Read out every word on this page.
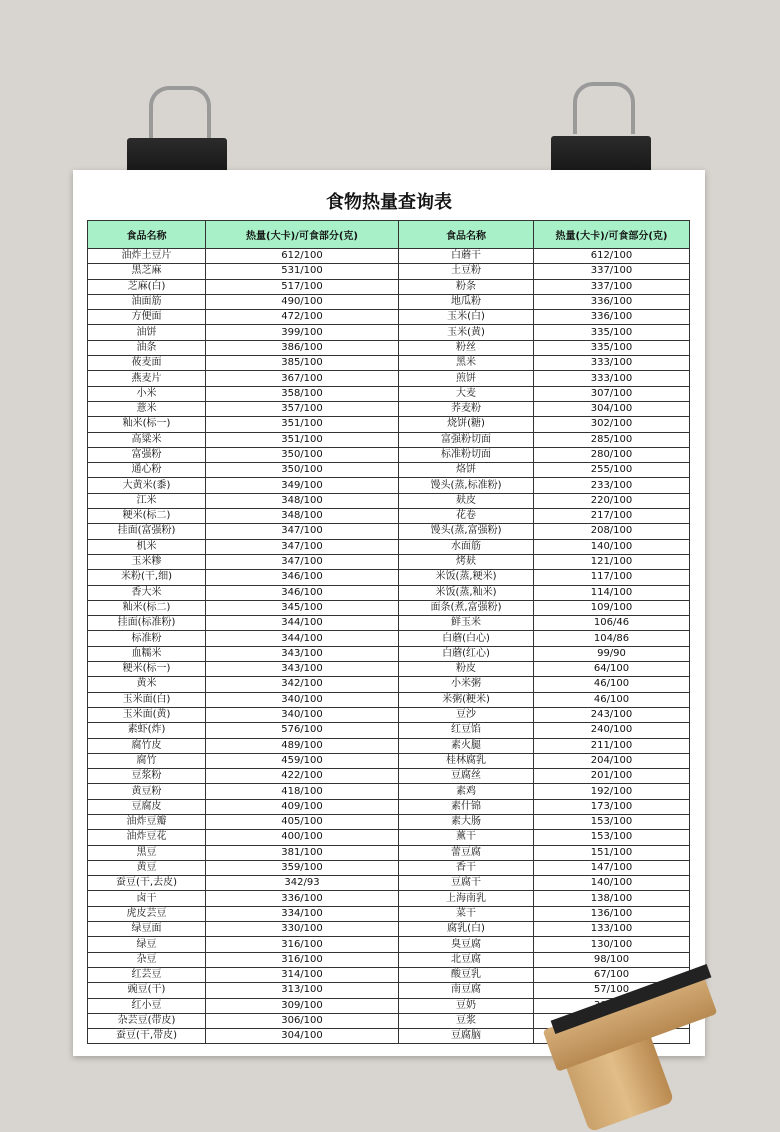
食物热量查询表
食品名称	热量(大卡)/可食部分(克)	食品名称	热量(大卡)/可食部分(克)
油炸土豆片	612/100	白蘑干	612/100
黑芝麻	531/100	土豆粉	337/100
芝麻(白)	517/100	粉条	337/100
油面筋	490/100	地瓜粉	336/100
方便面	472/100	玉米(白)	336/100
油饼	399/100	玉米(黄)	335/100
油条	386/100	粉丝	335/100
莜麦面	385/100	黑米	333/100
燕麦片	367/100	煎饼	333/100
小米	358/100	大麦	307/100
薏米	357/100	荞麦粉	304/100
籼米(标一)	351/100	烧饼(糖)	302/100
高粱米	351/100	富强粉切面	285/100
富强粉	350/100	标准粉切面	280/100
通心粉	350/100	烙饼	255/100
大黄米(黍)	349/100	馒头(蒸,标准粉)	233/100
江米	348/100	麸皮	220/100
粳米(标二)	348/100	花卷	217/100
挂面(富强粉)	347/100	馒头(蒸,富强粉)	208/100
机米	347/100	水面筋	140/100
玉米糁	347/100	烤麸	121/100
米粉(干,细)	346/100	米饭(蒸,粳米)	117/100
香大米	346/100	米饭(蒸,籼米)	114/100
籼米(标二)	345/100	面条(煮,富强粉)	109/100
挂面(标准粉)	344/100	鲜玉米	106/46
标准粉	344/100	白蘑(白心)	104/86
血糯米	343/100	白蘑(红心)	99/90
粳米(标一)	343/100	粉皮	64/100
黄米	342/100	小米粥	46/100
玉米面(白)	340/100	米粥(粳米)	46/100
玉米面(黄)	340/100	豆沙	243/100
素虾(炸)	576/100	红豆馅	240/100
腐竹皮	489/100	素火腿	211/100
腐竹	459/100	桂林腐乳	204/100
豆浆粉	422/100	豆腐丝	201/100
黄豆粉	418/100	素鸡	192/100
豆腐皮	409/100	素什锦	173/100
油炸豆瓣	405/100	素大肠	153/100
油炸豆花	400/100	薰干	153/100
黑豆	381/100	蕾豆腐	151/100
黄豆	359/100	香干	147/100
蚕豆(干,去皮)	342/93	豆腐干	140/100
卤干	336/100	上海南乳	138/100
虎皮芸豆	334/100	菜干	136/100
绿豆面	330/100	腐乳(白)	133/100
绿豆	316/100	臭豆腐	130/100
杂豆	316/100	北豆腐	98/100
红芸豆	314/100	酸豆乳	67/100
豌豆(干)	313/100	南豆腐	57/100
红小豆	309/100	豆奶	
杂芸豆(带皮)	306/100	豆浆	
蚕豆(干,带皮)	304/100	豆腐脑	
